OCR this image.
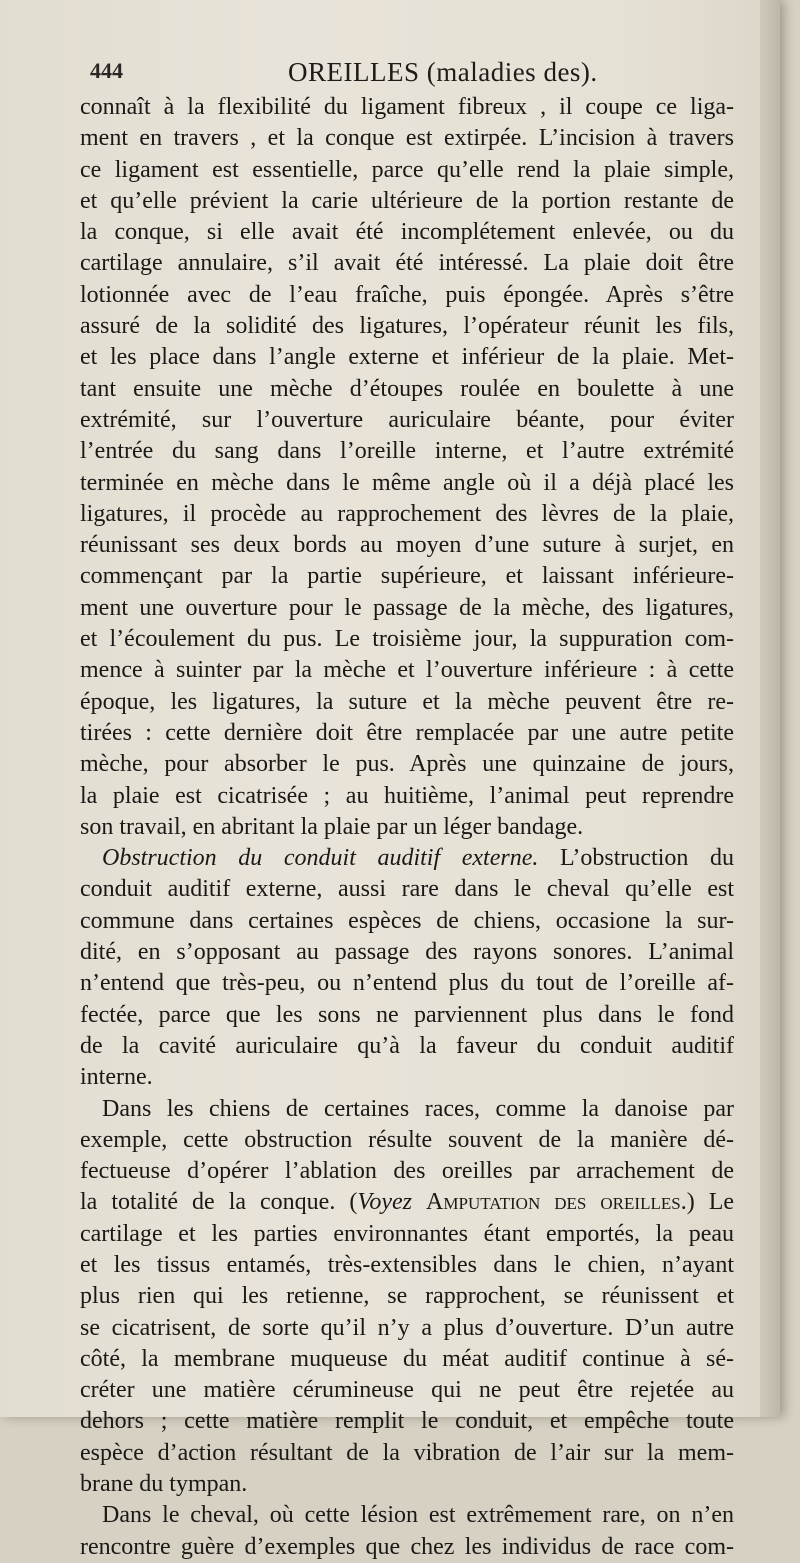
444	OREILLES (maladies des).
connaît à la flexibilité du ligament fibreux , il coupe ce liga-
ment en travers , et la conque est extirpée. L’incision à travers
ce ligament est essentielle, parce qu’elle rend la plaie simple,
et qu’elle prévient la carie ultérieure de la portion restante de
la conque, si elle avait été incomplétement enlevée, ou du
cartilage annulaire, s’il avait été intéressé. La plaie doit être
lotionnée avec de l’eau fraîche, puis épongée. Après s’être
assuré de la solidité des ligatures, l’opérateur réunit les fils,
et les place dans l’angle externe et inférieur de la plaie. Met-
tant ensuite une mèche d’étoupes roulée en boulette à une
extrémité, sur l’ouverture auriculaire béante, pour éviter
l’entrée du sang dans l’oreille interne, et l’autre extrémité
terminée en mèche dans le même angle où il a déjà placé les
ligatures, il procède au rapprochement des lèvres de la plaie,
réunissant ses deux bords au moyen d’une suture à surjet, en
commençant par la partie supérieure, et laissant inférieure-
ment une ouverture pour le passage de la mèche, des ligatures,
et l’écoulement du pus. Le troisième jour, la suppuration com-
mence à suinter par la mèche et l’ouverture inférieure : à cette
époque, les ligatures, la suture et la mèche peuvent être re-
tirées : cette dernière doit être remplacée par une autre petite
mèche, pour absorber le pus. Après une quinzaine de jours,
la plaie est cicatrisée ; au huitième, l’animal peut reprendre
son travail, en abritant la plaie par un léger bandage.
Obstruction du conduit auditif externe. L’obstruction du
conduit auditif externe, aussi rare dans le cheval qu’elle est
commune dans certaines espèces de chiens, occasione la sur-
dité, en s’opposant au passage des rayons sonores. L’animal
n’entend que très-peu, ou n’entend plus du tout de l’oreille af-
fectée, parce que les sons ne parviennent plus dans le fond
de la cavité auriculaire qu’à la faveur du conduit auditif
interne.
Dans les chiens de certaines races, comme la danoise par
exemple, cette obstruction résulte souvent de la manière dé-
fectueuse d’opérer l’ablation des oreilles par arrachement de
la totalité de la conque. (Voyez Amputation des oreilles.) Le
cartilage et les parties environnantes étant emportés, la peau
et les tissus entamés, très-extensibles dans le chien, n’ayant
plus rien qui les retienne, se rapprochent, se réunissent et
se cicatrisent, de sorte qu’il n’y a plus d’ouverture. D’un autre
côté, la membrane muqueuse du méat auditif continue à sé-
créter une matière cérumineuse qui ne peut être rejetée au
dehors ; cette matière remplit le conduit, et empêche toute
espèce d’action résultant de la vibration de l’air sur la mem-
brane du tympan.
Dans le cheval, où cette lésion est extrêmement rare, on n’en
rencontre guère d’exemples que chez les individus de race com-
